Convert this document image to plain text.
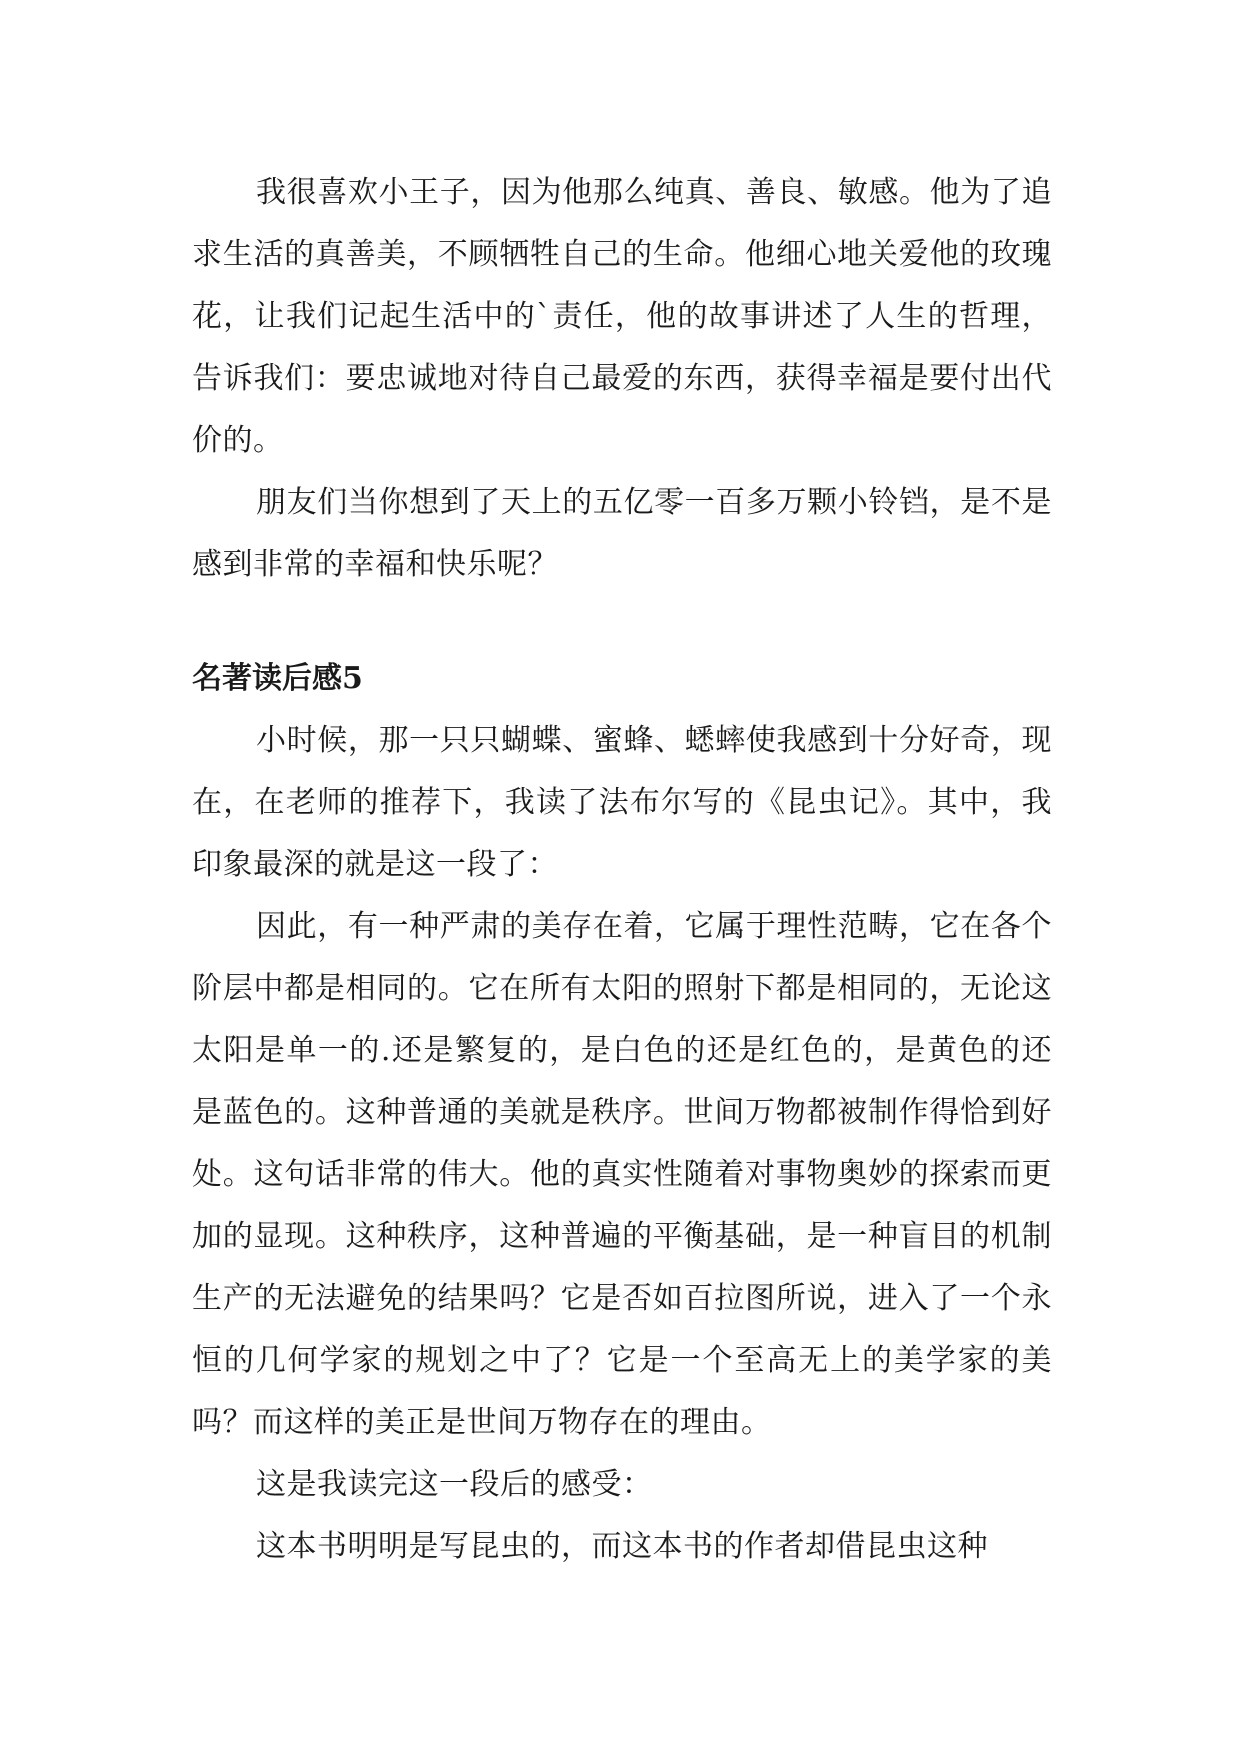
我很喜欢小王子，因为他那么纯真、善良、敏感。他为了追求生活的真善美，不顾牺牲自己的生命。他细心地关爱他的玫瑰花，让我们记起生活中的`责任，他的故事讲述了人生的哲理，告诉我们：要忠诚地对待自己最爱的东西，获得幸福是要付出代价的。

朋友们当你想到了天上的五亿零一百多万颗小铃铛，是不是感到非常的幸福和快乐呢？

名著读后感5

小时候，那一只只蝴蝶、蜜蜂、蟋蟀使我感到十分好奇，现在，在老师的推荐下，我读了法布尔写的《昆虫记》。其中，我印象最深的就是这一段了：

因此，有一种严肃的美存在着，它属于理性范畴，它在各个阶层中都是相同的。它在所有太阳的照射下都是相同的，无论这太阳是单一的.还是繁复的，是白色的还是红色的，是黄色的还是蓝色的。这种普通的美就是秩序。世间万物都被制作得恰到好处。这句话非常的伟大。他的真实性随着对事物奥妙的探索而更加的显现。这种秩序，这种普遍的平衡基础，是一种盲目的机制生产的无法避免的结果吗？它是否如百拉图所说，进入了一个永恒的几何学家的规划之中了？它是一个至高无上的美学家的美吗？而这样的美正是世间万物存在的理由。

这是我读完这一段后的感受：

这本书明明是写昆虫的，而这本书的作者却借昆虫这种
